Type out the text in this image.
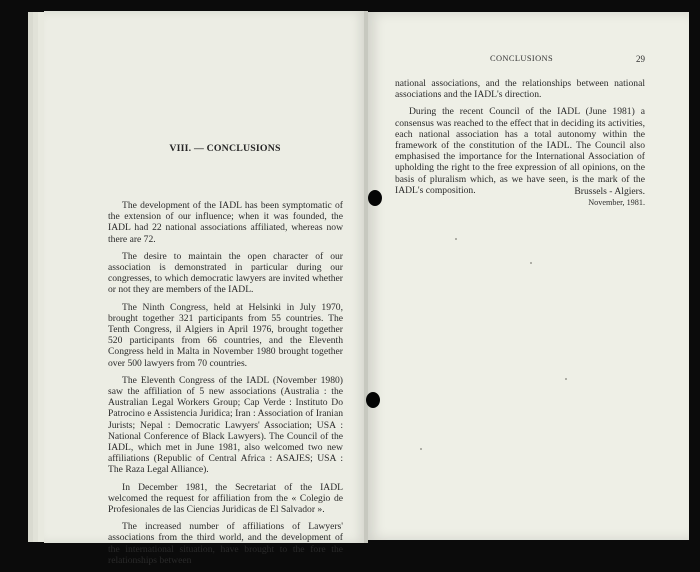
VIII. — CONCLUSIONS

The development of the IADL has been symptomatic of the extension of our influence; when it was founded, the IADL had 22 national associations affiliated, whereas now there are 72.

The desire to maintain the open character of our association is demonstrated in particular during our congresses, to which democratic lawyers are invited whether or not they are members of the IADL.

The Ninth Congress, held at Helsinki in July 1970, brought together 321 participants from 55 countries. The Tenth Congress, il Algiers in April 1976, brought together 520 participants from 66 countries, and the Eleventh Congress held in Malta in November 1980 brought together over 500 lawyers from 70 countries.

The Eleventh Congress of the IADL (November 1980) saw the affiliation of 5 new associations (Australia : the Australian Legal Workers Group; Cap Verde : Instituto Do Patrocino e Assistencia Juridica; Iran : Association of Iranian Jurists; Nepal : Democratic Lawyers' Association; USA : National Conference of Black Lawyers). The Council of the IADL, which met in June 1981, also welcomed two new affiliations (Republic of Central Africa : ASAJES; USA : The Raza Legal Alliance).

In December 1981, the Secretariat of the IADL welcomed the request for affiliation from the « Colegio de Profesionales de las Ciencias Juridicas de El Salvador ».

The increased number of affiliations of Lawyers' associations from the third world, and the development of the international situation, have brought to the fore the relationships between

CONCLUSIONS	29

national associations, and the relationships between national associations and the IADL's direction.

During the recent Council of the IADL (June 1981) a consensus was reached to the effect that in deciding its activities, each national association has a total autonomy within the framework of the constitution of the IADL. The Council also emphasised the importance for the International Association of upholding the right to the free expression of all opinions, on the basis of pluralism which, as we have seen, is the mark of the IADL's composition.	Brussels - Algiers.
November, 1981.
